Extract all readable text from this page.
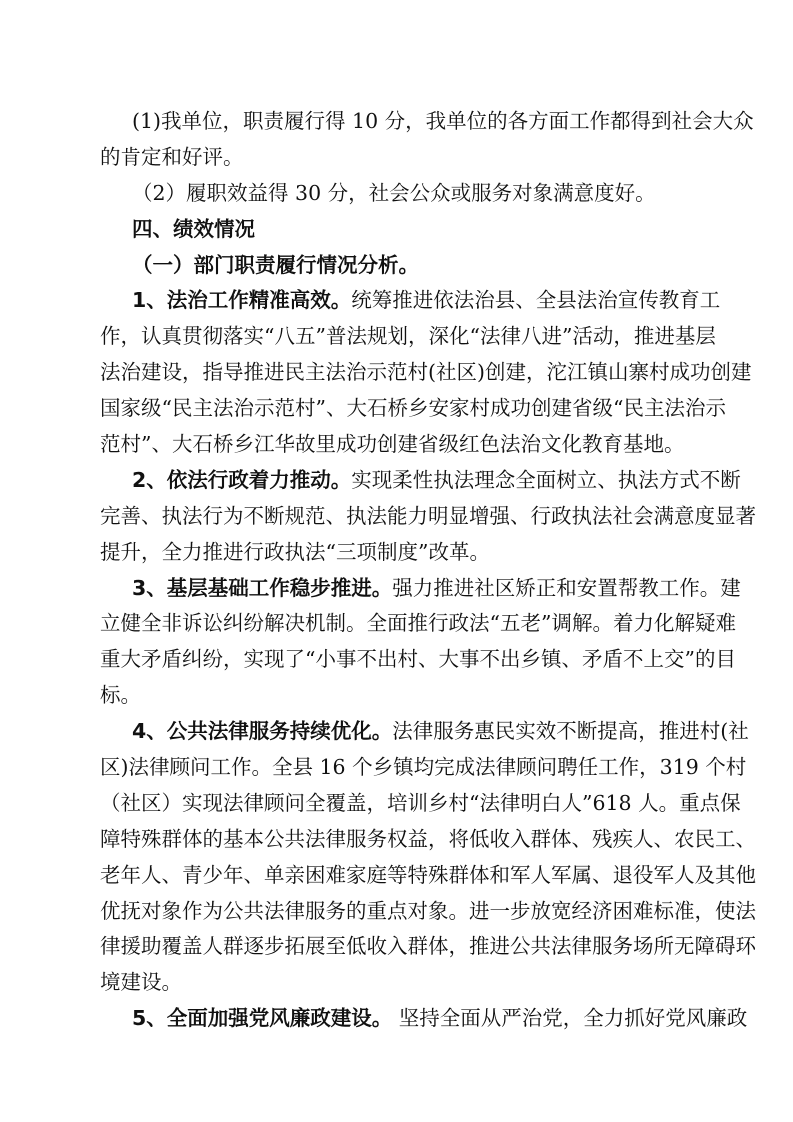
(1)我单位，职责履行得 10 分，我单位的各方面工作都得到社会大众
的肯定和好评。
（2）履职效益得 30 分，社会公众或服务对象满意度好。
四、绩效情况
（一）部门职责履行情况分析。
1、法治工作精准高效。统筹推进依法治县、全县法治宣传教育工
作，认真贯彻落实“八五”普法规划，深化“法律八进”活动，推进基层
法治建设，指导推进民主法治示范村(社区)创建，沱江镇山寨村成功创建
国家级“民主法治示范村”、大石桥乡安家村成功创建省级“民主法治示
范村”、大石桥乡江华故里成功创建省级红色法治文化教育基地。
2、依法行政着力推动。实现柔性执法理念全面树立、执法方式不断
完善、执法行为不断规范、执法能力明显增强、行政执法社会满意度显著
提升，全力推进行政执法“三项制度”改革。
3、基层基础工作稳步推进。强力推进社区矫正和安置帮教工作。建
立健全非诉讼纠纷解决机制。全面推行政法“五老”调解。着力化解疑难
重大矛盾纠纷，实现了“小事不出村、大事不出乡镇、矛盾不上交”的目
标。
4、公共法律服务持续优化。法律服务惠民实效不断提高，推进村(社
区)法律顾问工作。全县 16 个乡镇均完成法律顾问聘任工作，319 个村
（社区）实现法律顾问全覆盖，培训乡村“法律明白人”618 人。重点保
障特殊群体的基本公共法律服务权益，将低收入群体、残疾人、农民工、
老年人、青少年、单亲困难家庭等特殊群体和军人军属、退役军人及其他
优抚对象作为公共法律服务的重点对象。进一步放宽经济困难标准，使法
律援助覆盖人群逐步拓展至低收入群体，推进公共法律服务场所无障碍环
境建设。
5、全面加强党风廉政建设。 坚持全面从严治党，全力抓好党风廉政
